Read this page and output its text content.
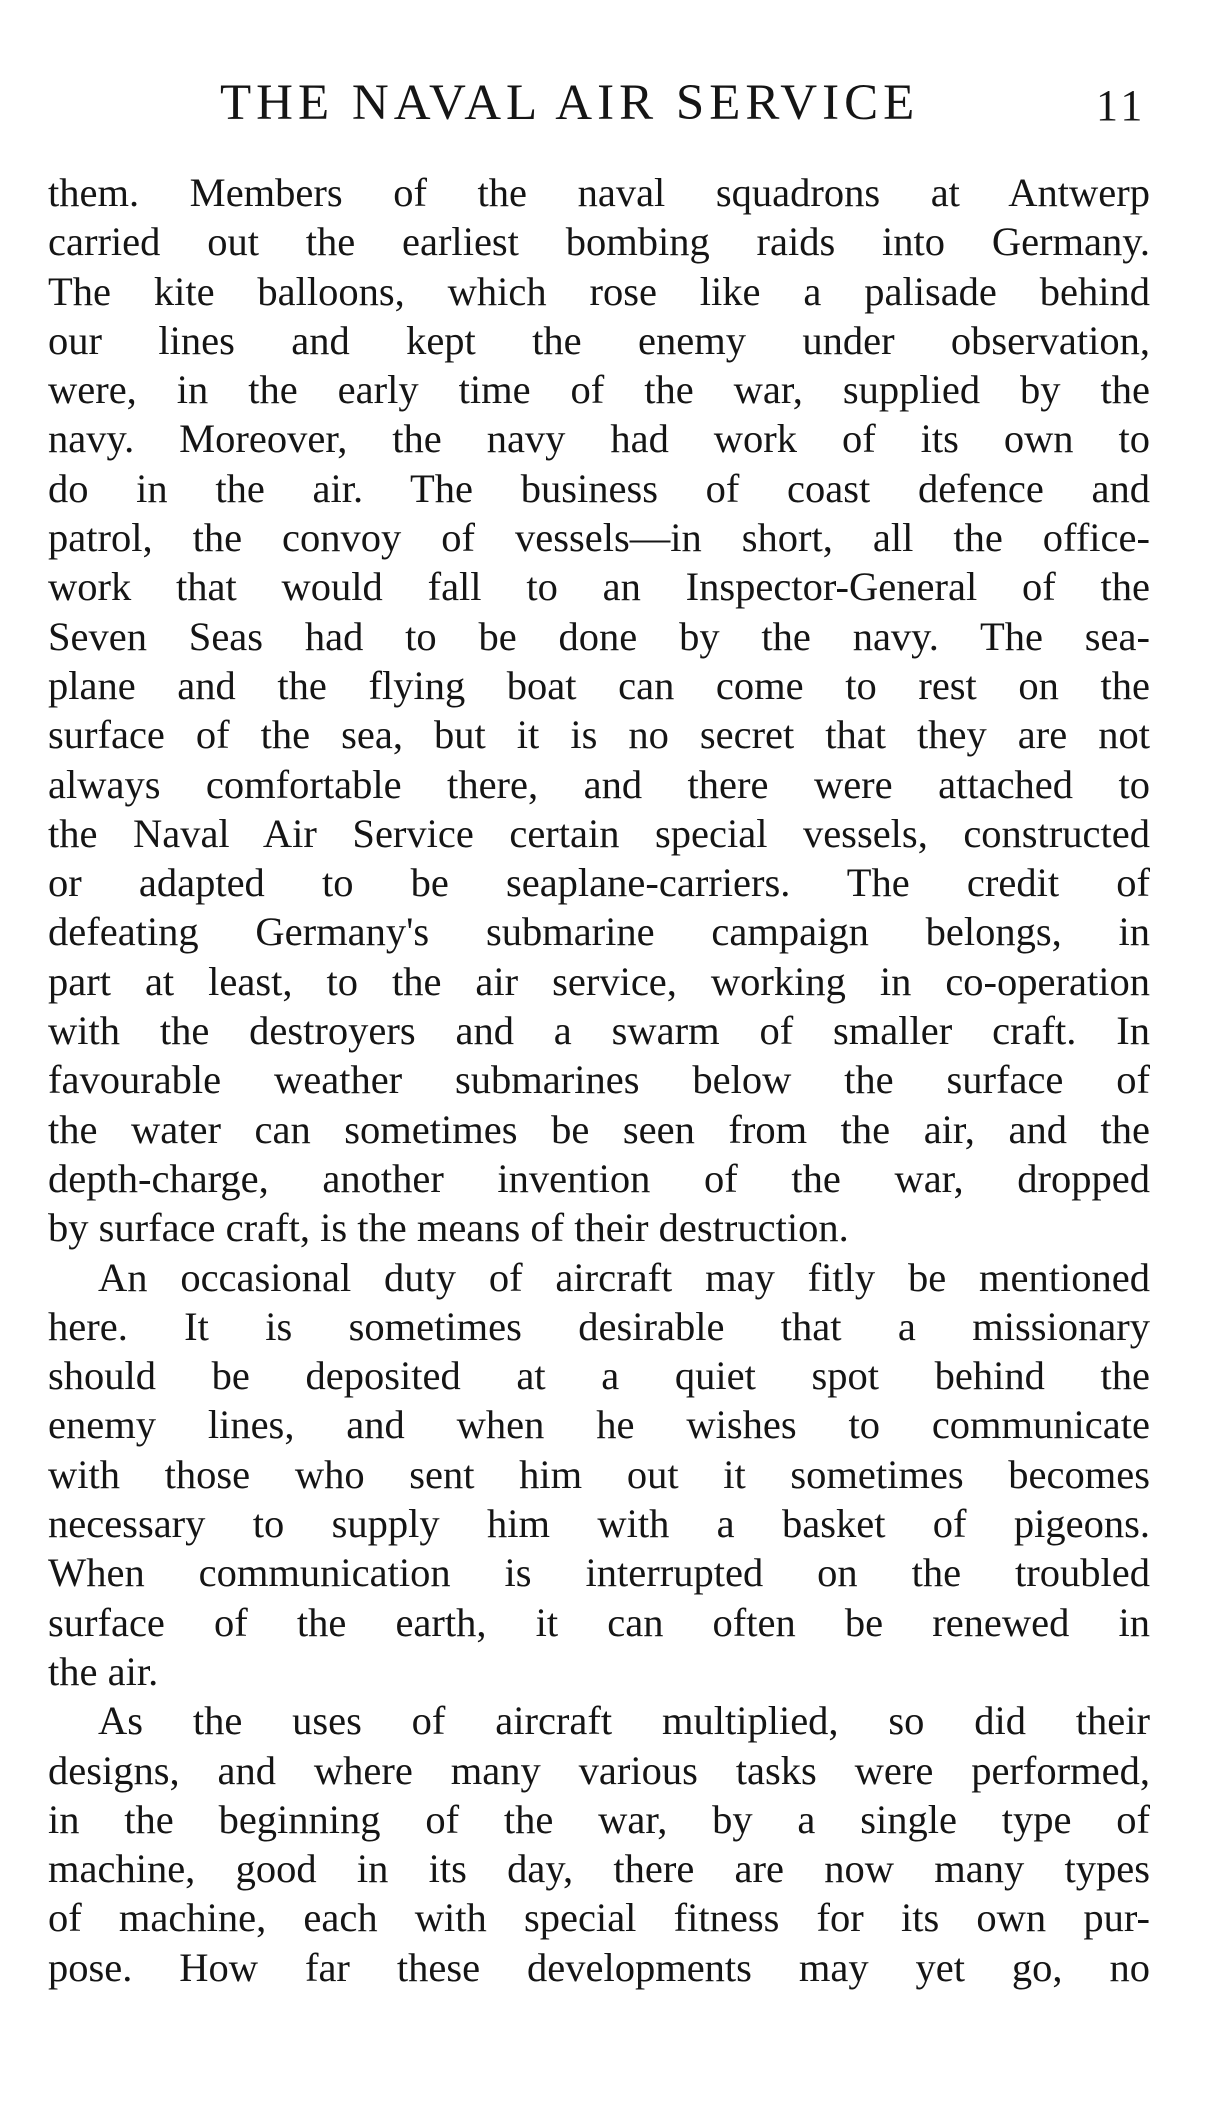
THE NAVAL AIR SERVICE	11
them. Members of the naval squadrons at Antwerp
carried out the earliest bombing raids into Germany.
The kite balloons, which rose like a palisade behind
our lines and kept the enemy under observation,
were, in the early time of the war, supplied by the
navy. Moreover, the navy had work of its own to
do in the air. The business of coast defence and
patrol, the convoy of vessels—in short, all the office-
work that would fall to an Inspector-General of the
Seven Seas had to be done by the navy. The sea-
plane and the flying boat can come to rest on the
surface of the sea, but it is no secret that they are not
always comfortable there, and there were attached to
the Naval Air Service certain special vessels, constructed
or adapted to be seaplane-carriers. The credit of
defeating Germany's submarine campaign belongs, in
part at least, to the air service, working in co-operation
with the destroyers and a swarm of smaller craft. In
favourable weather submarines below the surface of
the water can sometimes be seen from the air, and the
depth-charge, another invention of the war, dropped
by surface craft, is the means of their destruction.
An occasional duty of aircraft may fitly be mentioned
here. It is sometimes desirable that a missionary
should be deposited at a quiet spot behind the
enemy lines, and when he wishes to communicate
with those who sent him out it sometimes becomes
necessary to supply him with a basket of pigeons.
When communication is interrupted on the troubled
surface of the earth, it can often be renewed in
the air.
As the uses of aircraft multiplied, so did their
designs, and where many various tasks were performed,
in the beginning of the war, by a single type of
machine, good in its day, there are now many types
of machine, each with special fitness for its own pur-
pose. How far these developments may yet go, no
